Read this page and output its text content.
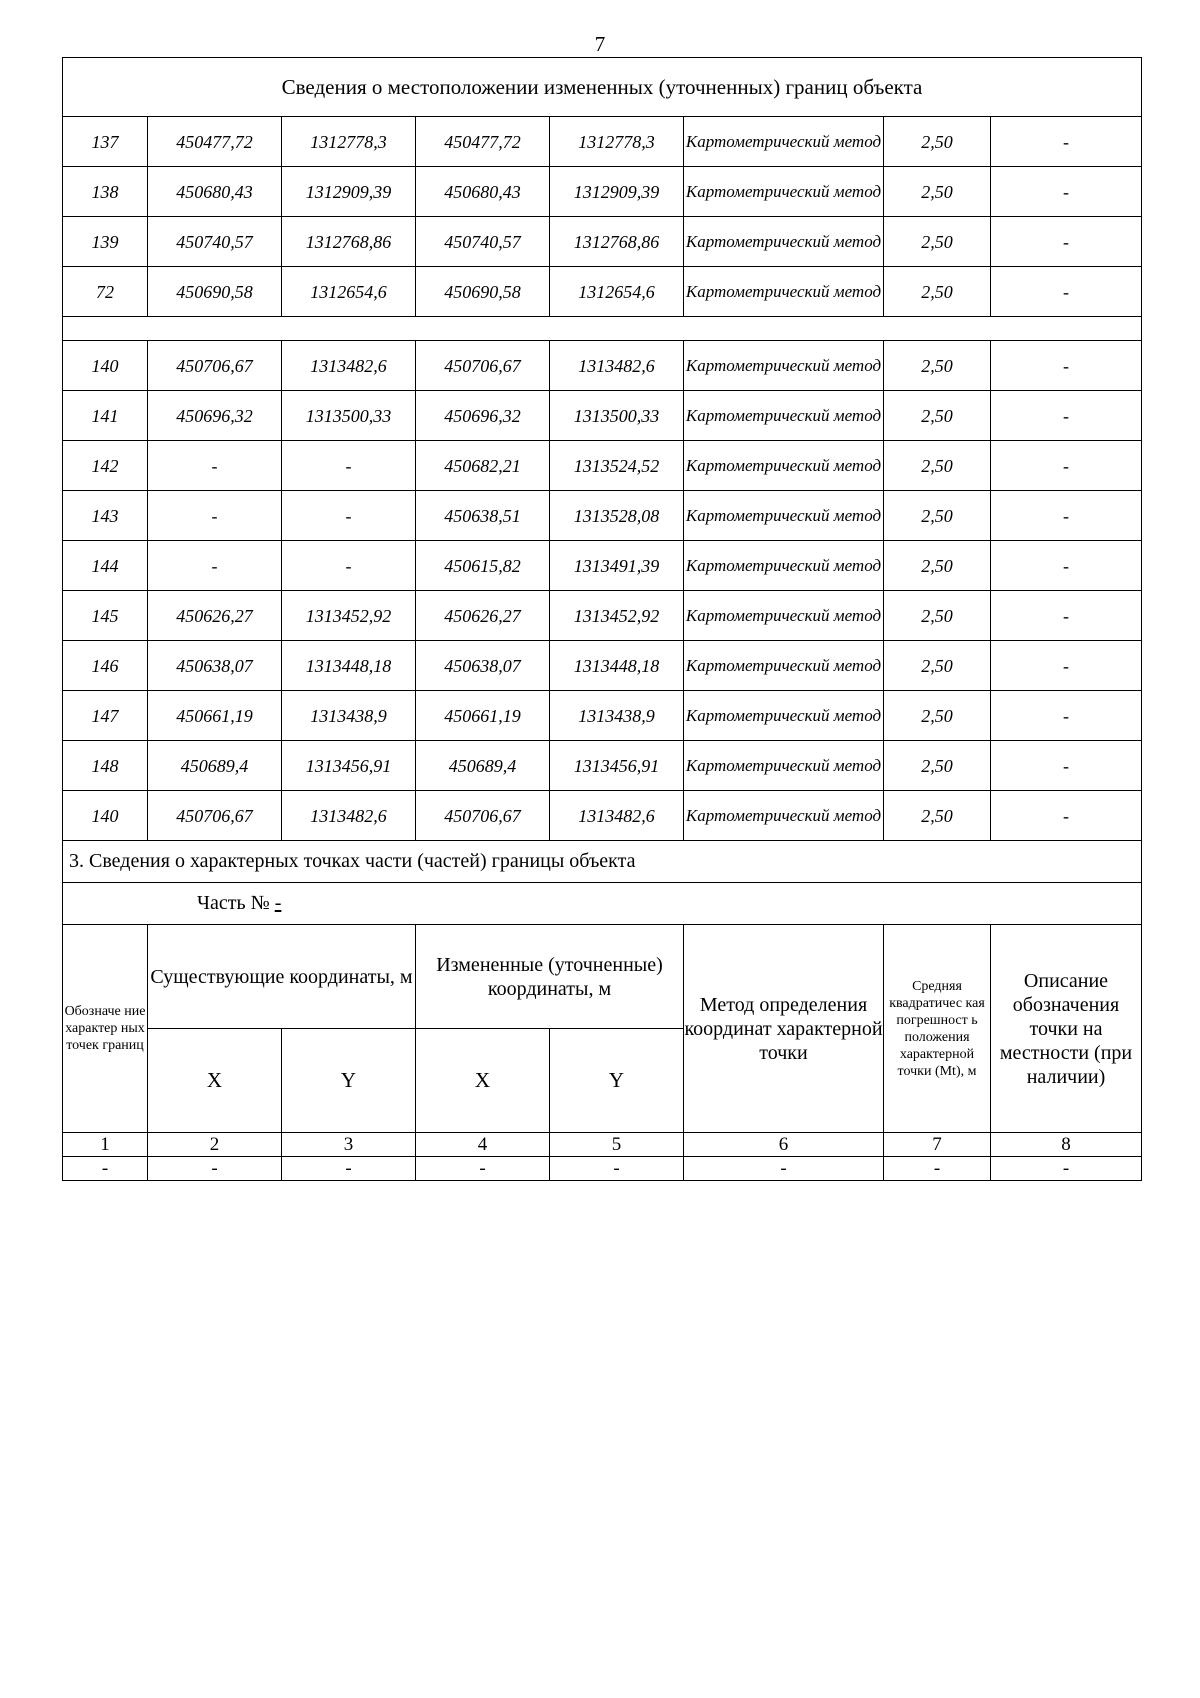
7
Сведения о местоположении измененных (уточненных) границ объекта							
137	450477,72	1312778,3	450477,72	1312778,3	Картометрический метод	2,50	-
138	450680,43	1312909,39	450680,43	1312909,39	Картометрический метод	2,50	-
139	450740,57	1312768,86	450740,57	1312768,86	Картометрический метод	2,50	-
72	450690,58	1312654,6	450690,58	1312654,6	Картометрический метод	2,50	-

140	450706,67	1313482,6	450706,67	1313482,6	Картометрический метод	2,50	-
141	450696,32	1313500,33	450696,32	1313500,33	Картометрический метод	2,50	-
142	-	-	450682,21	1313524,52	Картометрический метод	2,50	-
143	-	-	450638,51	1313528,08	Картометрический метод	2,50	-
144	-	-	450615,82	1313491,39	Картометрический метод	2,50	-
145	450626,27	1313452,92	450626,27	1313452,92	Картометрический метод	2,50	-
146	450638,07	1313448,18	450638,07	1313448,18	Картометрический метод	2,50	-
147	450661,19	1313438,9	450661,19	1313438,9	Картометрический метод	2,50	-
148	450689,4	1313456,91	450689,4	1313456,91	Картометрический метод	2,50	-
140	450706,67	1313482,6	450706,67	1313482,6	Картометрический метод	2,50	-
3. Сведения о характерных точках части (частей) границы объекта							
Часть № -							
Обозначе ние характер ных точек границ	Существующие координаты, м		Измененные (уточненные) координаты, м		Метод определения координат характерной точки	Средняя квадратичес кая погрешност ь положения характерной точки (Mt), м	Описание обозначения точки на местности (при наличии)
	X	Y	X	Y			
1	2	3	4	5	6	7	8
-	-	-	-	-	-	-	-
